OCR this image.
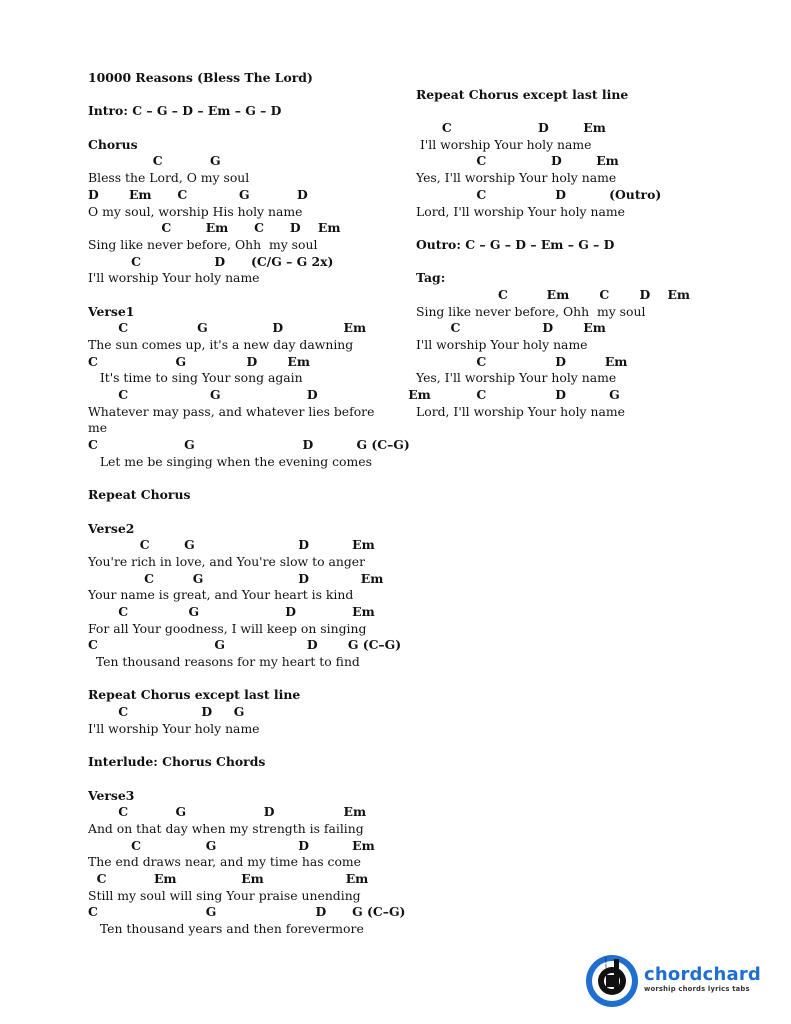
10000 Reasons (Bless The Lord)
Intro: C – G – D – Em – G – D
Chorus
C           G
Bless the Lord, O my soul
D       Em      C            G           D
O my soul, worship His holy name
C        Em      C      D    Em
Sing like never before, Ohh  my soul
C                 D      (C/G – G 2x)
I'll worship Your holy name
Verse1
C                G               D              Em
The sun comes up, it's a new day dawning
C                  G              D       Em
It's time to sing Your song again
C                   G                    D                     Em
Whatever may pass, and whatever lies before
me
C                    G                         D          G (C–G)
Let me be singing when the evening comes
Repeat Chorus
Verse2
C        G                        D          Em
You're rich in love, and You're slow to anger
C         G                      D            Em
Your name is great, and Your heart is kind
C              G                    D             Em
For all Your goodness, I will keep on singing
C                           G                   D       G (C–G)
Ten thousand reasons for my heart to find
Repeat Chorus except last line
C                 D     G
I'll worship Your holy name
Interlude: Chorus Chords
Verse3
C           G                  D                Em
And on that day when my strength is failing
C               G                   D          Em
The end draws near, and my time has come
C           Em               Em                   Em
Still my soul will sing Your praise unending
C                         G                       D      G (C–G)
Ten thousand years and then forevermore
Repeat Chorus except last line
C                    D        Em
I'll worship Your holy name
C               D        Em
Yes, I'll worship Your holy name
C                D          (Outro)
Lord, I'll worship Your holy name
Outro: C – G – D – Em – G – D
Tag:
C         Em       C       D    Em
Sing like never before, Ohh  my soul
C                   D       Em
I'll worship Your holy name
C                D         Em
Yes, I'll worship Your holy name
C                D          G
Lord, I'll worship Your holy name
chordchard
worship chords lyrics tabs
chordchard
